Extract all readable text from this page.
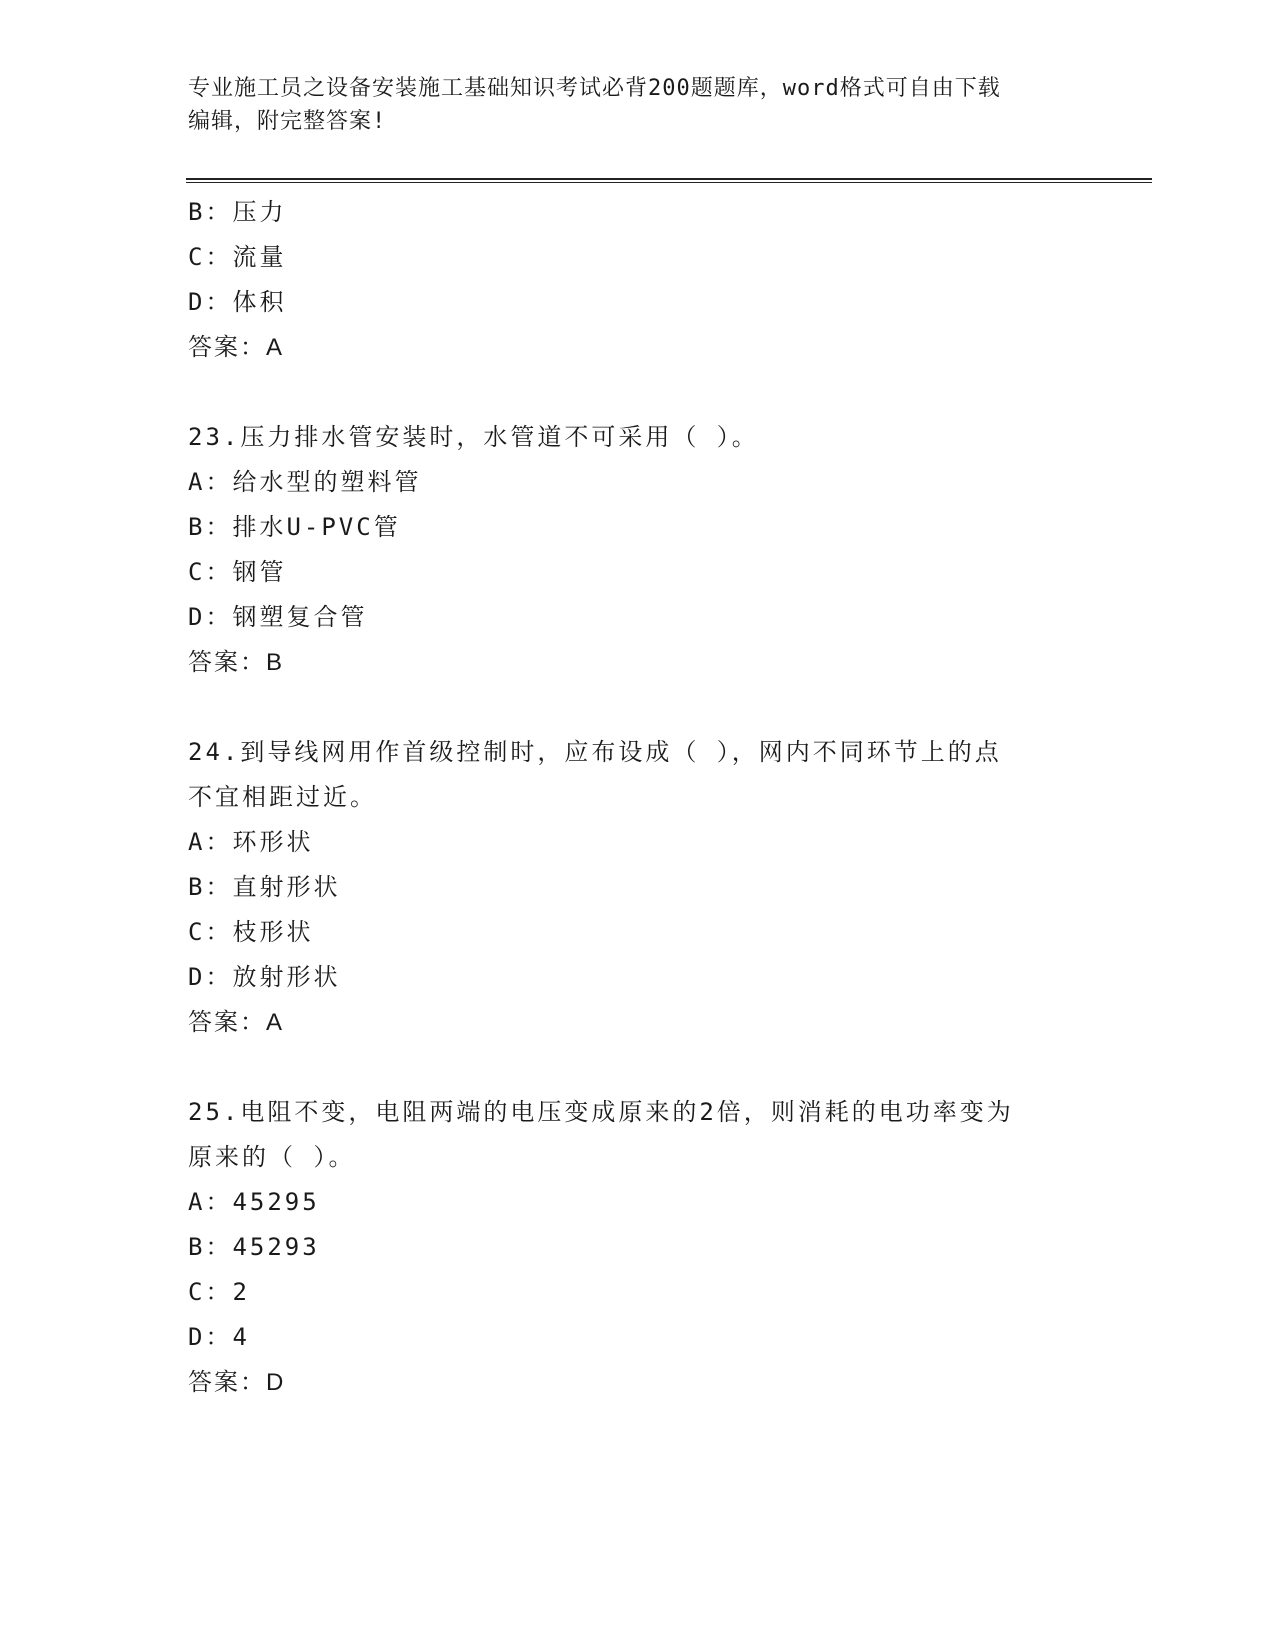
专业施工员之设备安装施工基础知识考试必背200题题库，word格式可自由下载
编辑，附完整答案!
B：压力
C：流量
D：体积
答案：A
23.压力排水管安装时，水管道不可采用（ ）。
A：给水型的塑料管
B：排水U-PVC管
C：钢管
D：钢塑复合管
答案：B
24.到导线网用作首级控制时，应布设成（ ），网内不同环节上的点
不宜相距过近。
A：环形状
B：直射形状
C：枝形状
D：放射形状
答案：A
25.电阻不变，电阻两端的电压变成原来的2倍，则消耗的电功率变为
原来的（ ）。
A：45295
B：45293
C：2
D：4
答案：D
